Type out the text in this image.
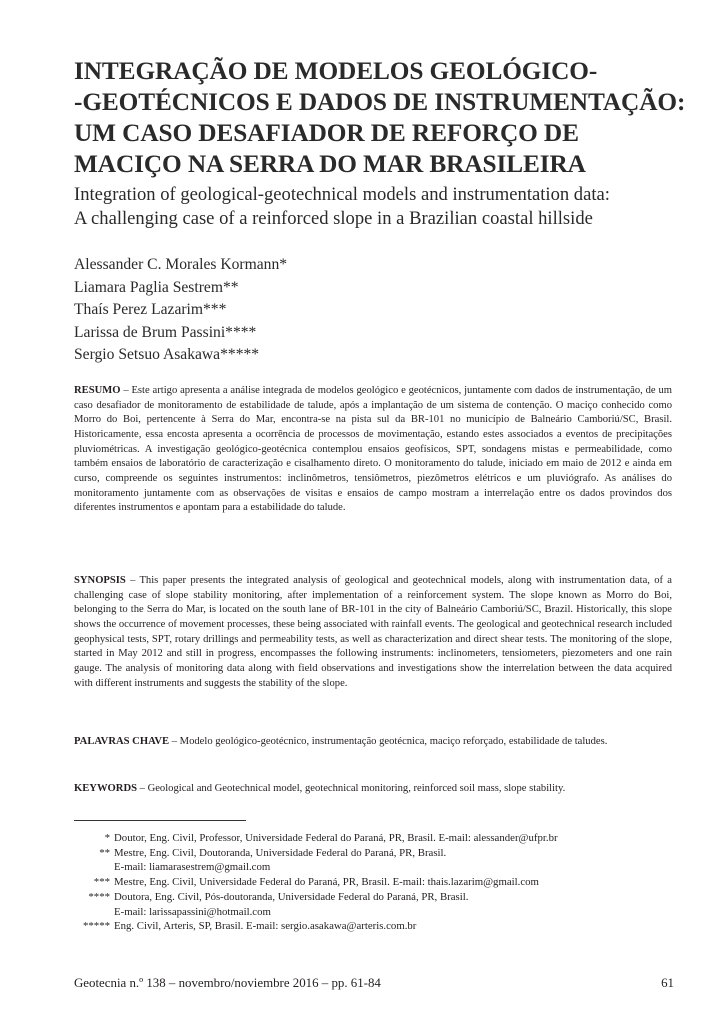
INTEGRAÇÃO DE MODELOS GEOLÓGICO-
-GEOTÉCNICOS E DADOS DE INSTRUMENTAÇÃO:
UM CASO DESAFIADOR DE REFORÇO DE
MACIÇO NA SERRA DO MAR BRASILEIRA
Integration of geological-geotechnical models and instrumentation data:
A challenging case of a reinforced slope in a Brazilian coastal hillside
Alessander C. Morales Kormann*
Liamara Paglia Sestrem**
Thaís Perez Lazarim***
Larissa de Brum Passini****
Sergio Setsuo Asakawa*****

RESUMO – Este artigo apresenta a análise integrada de modelos geológico e geotécnicos, juntamente com dados de instrumentação, de um caso desafiador de monitoramento de estabilidade de talude, após a implantação de um sistema de contenção. O maciço conhecido como Morro do Boi, pertencente à Serra do Mar, encontra-se na pista sul da BR-101 no município de Balneário Camboriú/SC, Brasil. Historicamente, essa encosta apresenta a ocorrência de processos de movimentação, estando estes associados a eventos de precipitações pluviométricas. A investigação geológico-geotécnica contemplou ensaios geofísicos, SPT, sondagens mistas e permeabilidade, como também ensaios de laboratório de caracterização e cisalhamento direto. O monitoramento do talude, iniciado em maio de 2012 e ainda em curso, compreende os seguintes instrumentos: inclinômetros, tensiômetros, piezômetros elétricos e um pluviógrafo. As análises do monitoramento juntamente com as observações de visitas e ensaios de campo mostram a interrelação entre os dados provindos dos diferentes instrumentos e apontam para a estabilidade do talude.

SYNOPSIS – This paper presents the integrated analysis of geological and geotechnical models, along with instrumentation data, of a challenging case of slope stability monitoring, after implementation of a reinforcement system. The slope known as Morro do Boi, belonging to the Serra do Mar, is located on the south lane of BR-101 in the city of Balneário Camboriú/SC, Brazil. Historically, this slope shows the occurrence of movement processes, these being associated with rainfall events. The geological and geotechnical research included geophysical tests, SPT, rotary drillings and permeability tests, as well as characterization and direct shear tests. The monitoring of the slope, started in May 2012 and still in progress, encompasses the following instruments: inclinometers, tensiometers, piezometers and one rain gauge. The analysis of monitoring data along with field observations and investigations show the interrelation between the data acquired with different instruments and suggests the stability of the slope.

PALAVRAS CHAVE – Modelo geológico-geotécnico, instrumentação geotécnica, maciço reforçado, estabilidade de taludes.

KEYWORDS – Geological and Geotechnical model, geotechnical monitoring, reinforced soil mass, slope stability.

* Doutor, Eng. Civil, Professor, Universidade Federal do Paraná, PR, Brasil. E-mail: alessander@ufpr.br
** Mestre, Eng. Civil, Doutoranda, Universidade Federal do Paraná, PR, Brasil.
E-mail: liamarasestrem@gmail.com
*** Mestre, Eng. Civil, Universidade Federal do Paraná, PR, Brasil. E-mail: thais.lazarim@gmail.com
**** Doutora, Eng. Civil, Pós-doutoranda, Universidade Federal do Paraná, PR, Brasil.
E-mail: larissapassini@hotmail.com
***** Eng. Civil, Arteris, SP, Brasil. E-mail: sergio.asakawa@arteris.com.br
Geotecnia n.º 138 – novembro/noviembre 2016 – pp. 61-84	61
